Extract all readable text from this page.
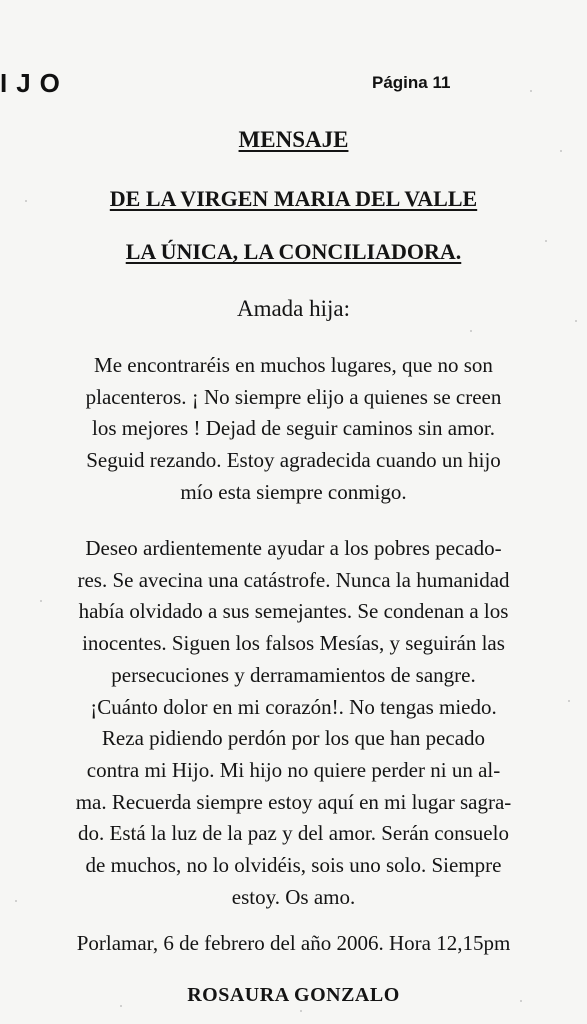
IJO	Página 11
MENSAJE
DE LA VIRGEN MARIA DEL VALLE
LA ÚNICA, LA CONCILIADORA.
Amada hija:

Me encontraréis en muchos lugares, que no son
placenteros. ¡ No siempre elijo a quienes se creen
los mejores ! Dejad de seguir caminos sin amor.
Seguid rezando. Estoy agradecida cuando un hijo
mío esta siempre conmigo.

Deseo ardientemente ayudar a los pobres pecado-
res. Se avecina una catástrofe. Nunca la humanidad
había olvidado a sus semejantes. Se condenan a los
inocentes. Siguen los falsos Mesías, y seguirán las
persecuciones y derramamientos de sangre.
¡Cuánto dolor en mi corazón!. No tengas miedo.
Reza pidiendo perdón por los que han pecado
contra mi Hijo. Mi hijo no quiere perder ni un al-
ma. Recuerda siempre estoy aquí en mi lugar sagra-
do. Está la luz de la paz y del amor. Serán consuelo
de muchos, no lo olvidéis, sois uno solo. Siempre
estoy. Os amo.

Porlamar, 6 de febrero del año 2006. Hora 12,15pm
ROSAURA GONZALO
